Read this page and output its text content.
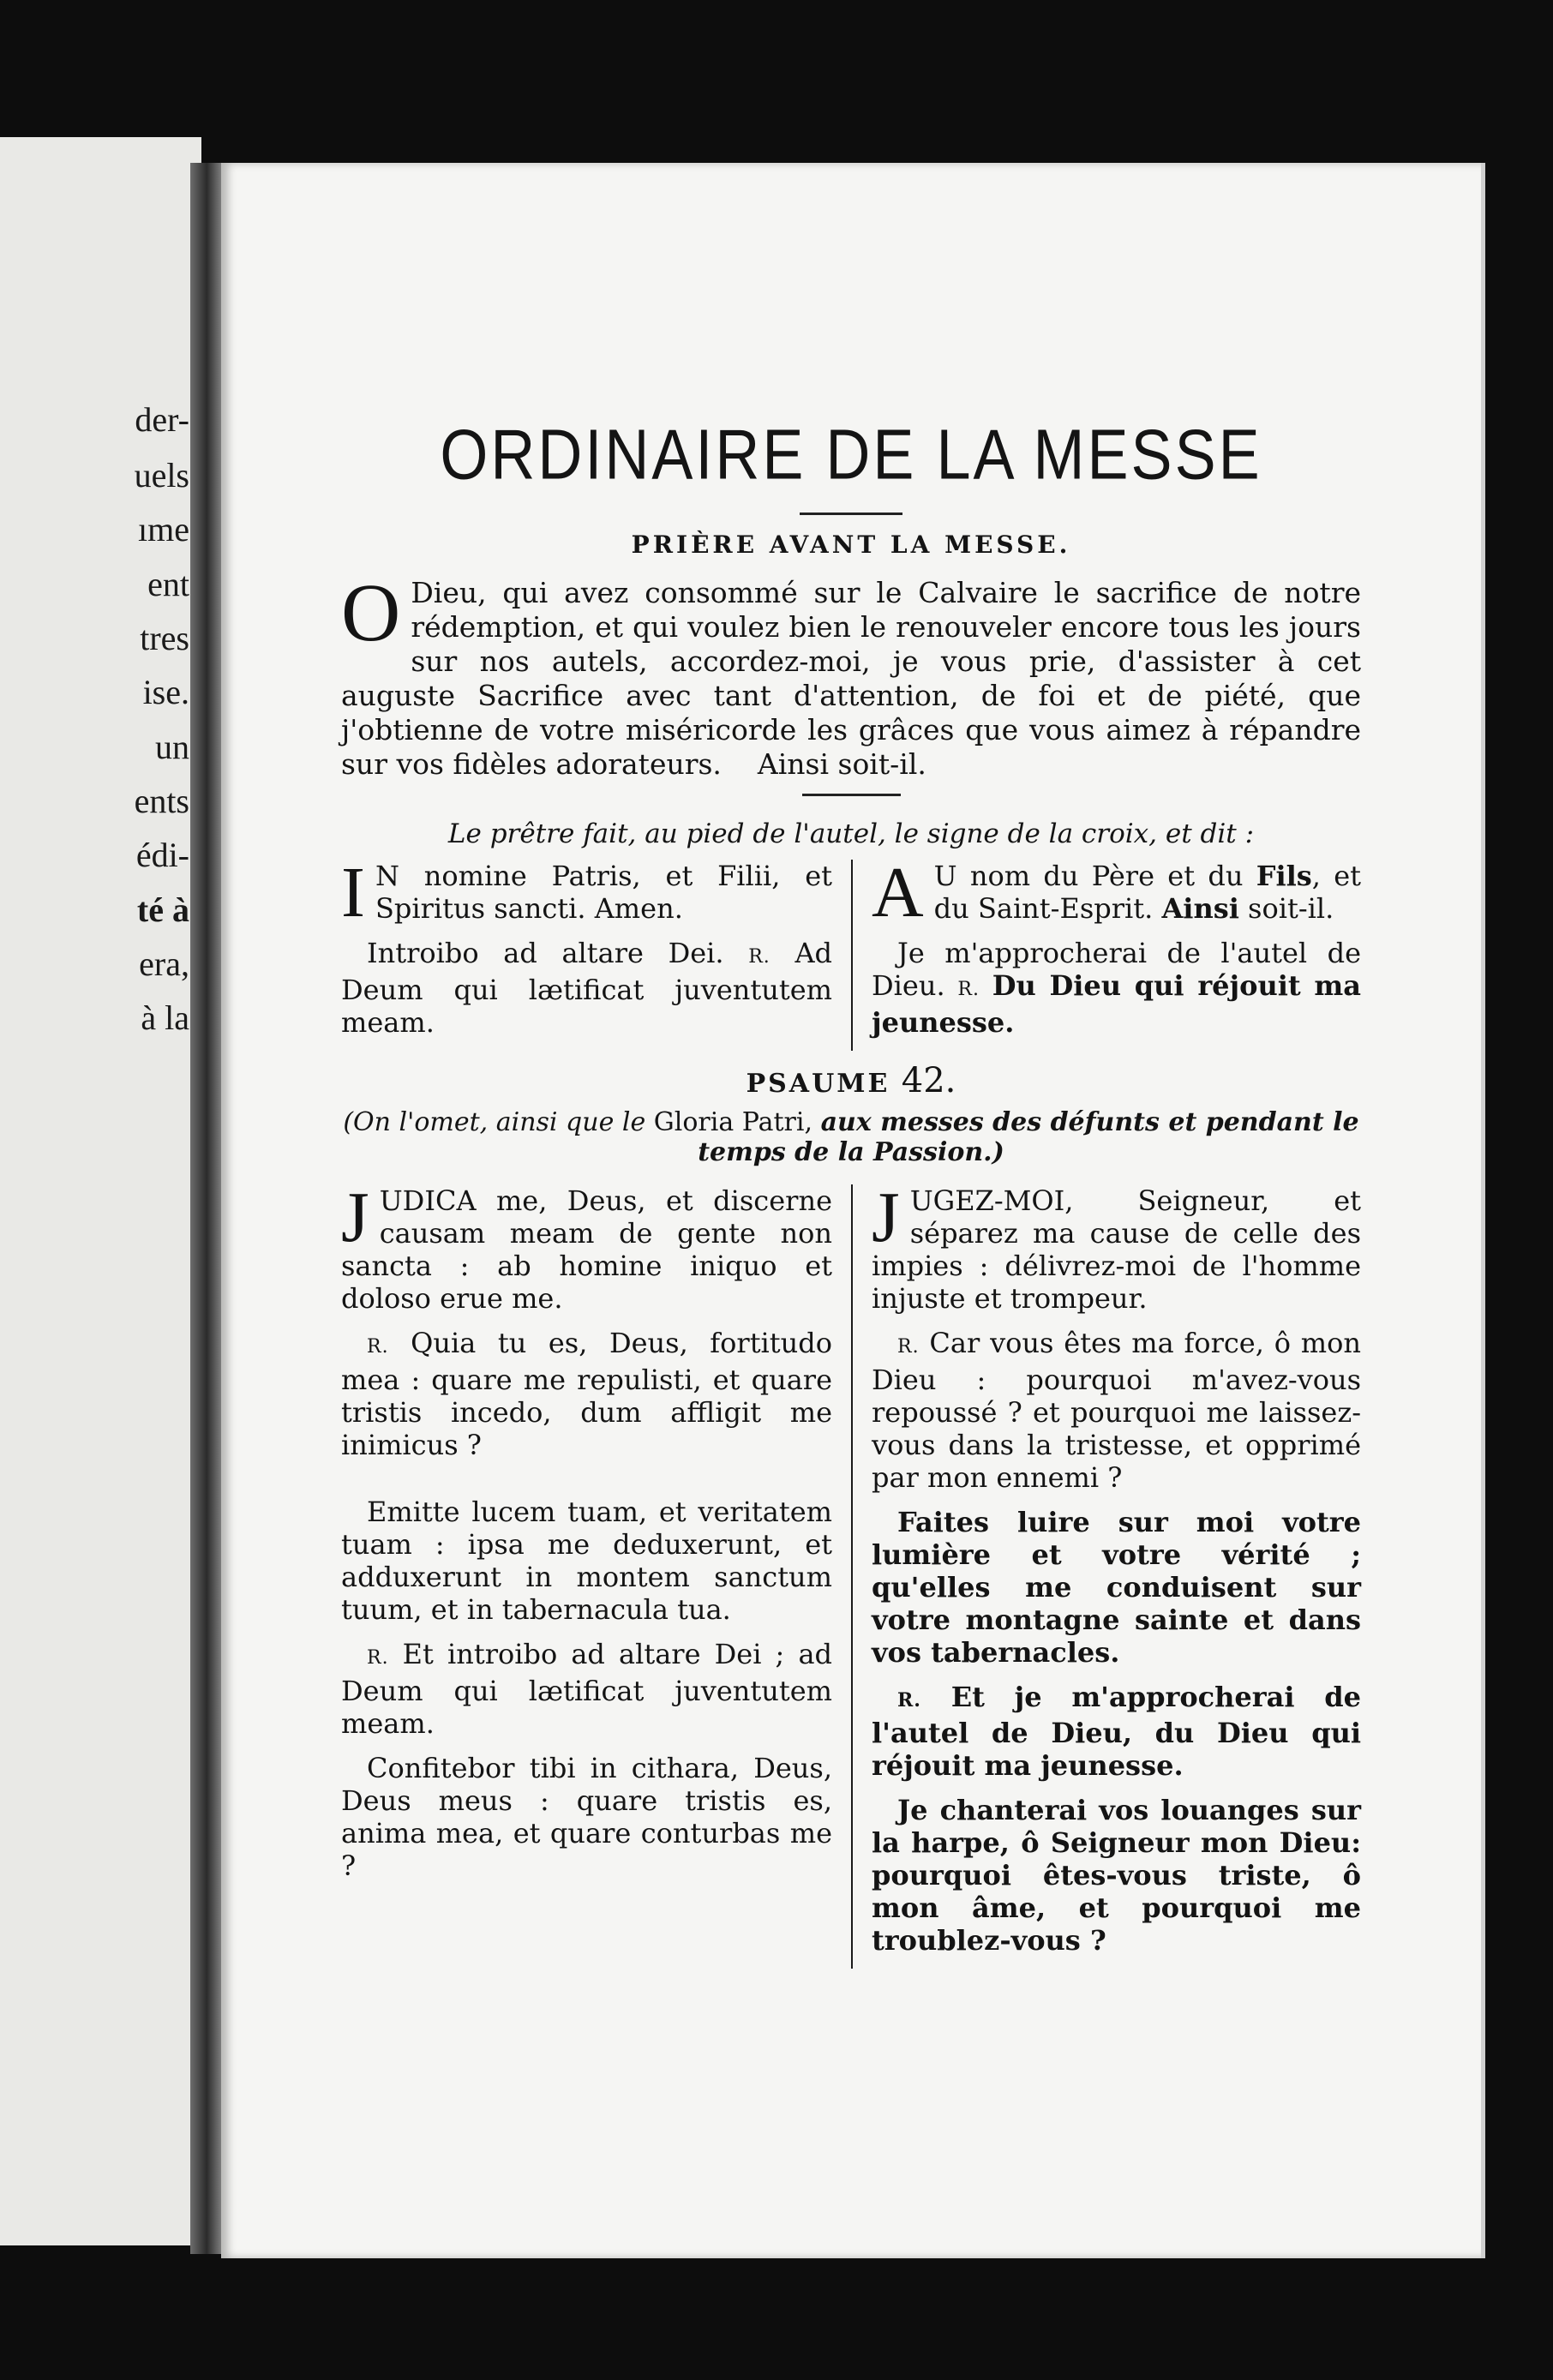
der-
uels
ıme
ent
tres
ise.
un
ents
édi-
té à
era,
à la
ORDINAIRE DE LA MESSE
PRIÈRE AVANT LA MESSE.

O Dieu, qui avez consommé sur le Calvaire le sacrifice de notre rédemption, et qui voulez bien le renouveler encore tous les jours sur nos autels, accordez-moi, je vous prie, d'assister à cet auguste Sacrifice avec tant d'attention, de foi et de piété, que j'obtienne de votre miséricorde les grâces que vous aimez à répandre sur vos fidèles adorateurs. Ainsi soit-il.

Le prêtre fait, au pied de l'autel, le signe de la croix, et dit :

I N nomine Patris, et Filii, et Spiritus sancti. Amen.

Introibo ad altare Dei. R. Ad Deum qui lætificat juventutem meam.

A U nom du Père et du Fils, et du Saint-Esprit. Ainsi soit-il.

Je m'approcherai de l'autel de Dieu. R. Du Dieu qui réjouit ma jeunesse.

PSAUME 42.

(On l'omet, ainsi que le Gloria Patri, aux messes des défunts et pendant le temps de la Passion.)

J UDICA me, Deus, et discerne causam meam de gente non sancta : ab homine iniquo et doloso erue me.

R. Quia tu es, Deus, fortitudo mea : quare me repulisti, et quare tristis incedo, dum affligit me inimicus ?

Emitte lucem tuam, et veritatem tuam : ipsa me deduxerunt, et adduxerunt in montem sanctum tuum, et in tabernacula tua.

R. Et introibo ad altare Dei ; ad Deum qui lætificat juventutem meam.

Confitebor tibi in cithara, Deus, Deus meus : quare tristis es, anima mea, et quare conturbas me ?

J UGEZ-MOI, Seigneur, et séparez ma cause de celle des impies : délivrez-moi de l'homme injuste et trompeur.

R. Car vous êtes ma force, ô mon Dieu : pourquoi m'avez-vous repoussé ? et pourquoi me laissez-vous dans la tristesse, et opprimé par mon ennemi ?

Faites luire sur moi votre lumière et votre vérité ; qu'elles me conduisent sur votre montagne sainte et dans vos tabernacles.

R. Et je m'approcherai de l'autel de Dieu, du Dieu qui réjouit ma jeunesse.

Je chanterai vos louanges sur la harpe, ô Seigneur mon Dieu: pourquoi êtes-vous triste, ô mon âme, et pourquoi me troublez-vous ?
